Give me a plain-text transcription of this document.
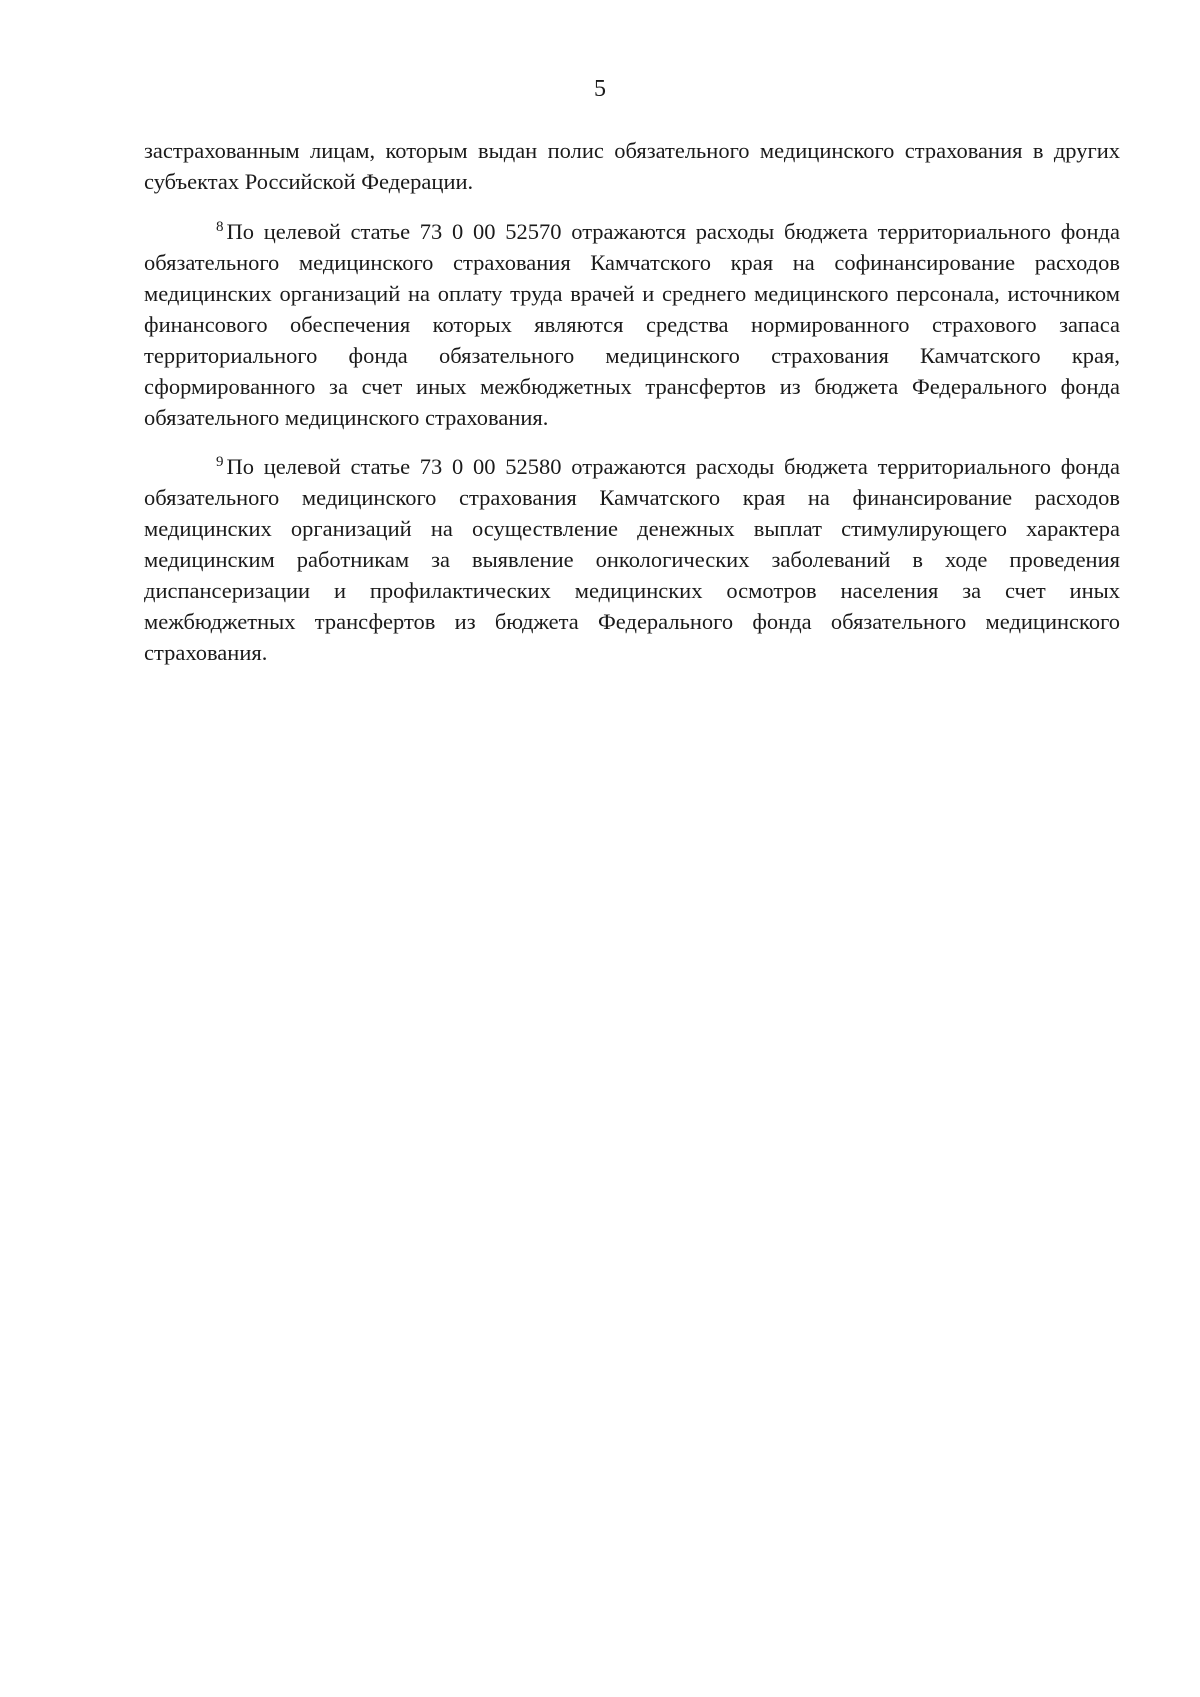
5

застрахованным лицам, которым выдан полис обязательного медицинского страхования в других субъектах Российской Федерации.

$^8$ По целевой статье 73 0 00 52570 отражаются расходы бюджета территориального фонда обязательного медицинского страхования Камчатского края на софинансирование расходов медицинских организаций на оплату труда врачей и среднего медицинского персонала, источником финансового обеспечения которых являются средства нормированного страхового запаса территориального фонда обязательного медицинского страхования Камчатского края, сформированного за счет иных межбюджетных трансфертов из бюджета Федерального фонда обязательного медицинского страхования.

$^9$ По целевой статье 73 0 00 52580 отражаются расходы бюджета территориального фонда обязательного медицинского страхования Камчатского края на финансирование расходов медицинских организаций на осуществление денежных выплат стимулирующего характера медицинским работникам за выявление онкологических заболеваний в ходе проведения диспансеризации и профилактических медицинских осмотров населения за счет иных межбюджетных трансфертов из бюджета Федерального фонда обязательного медицинского страхования.
